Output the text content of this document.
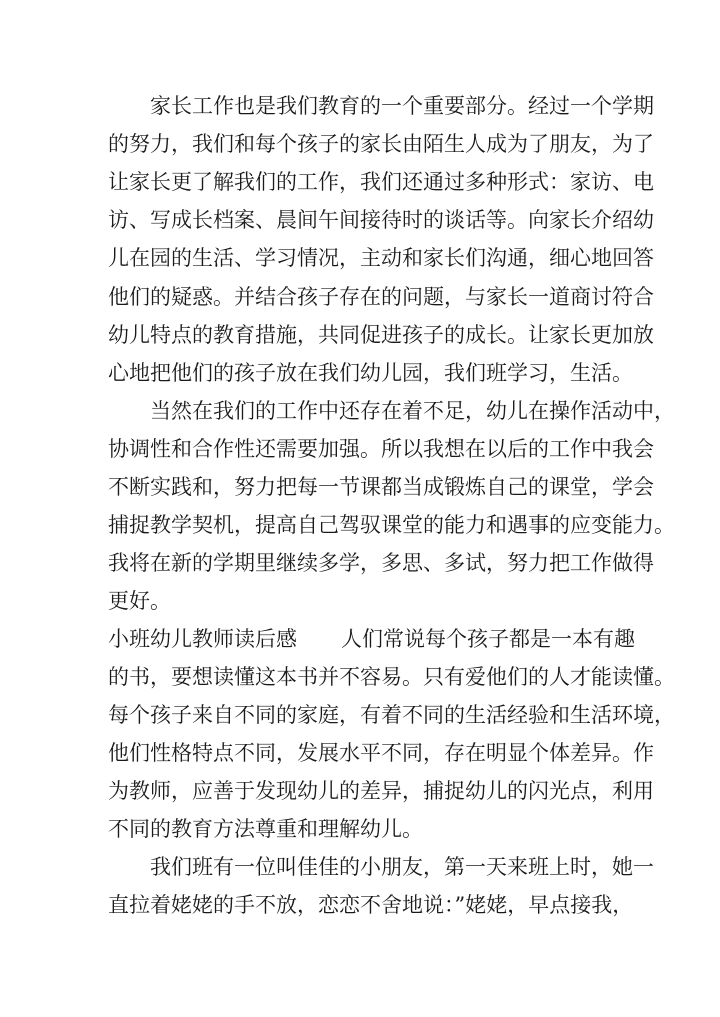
家长工作也是我们教育的一个重要部分。经过一个学期
的努力，我们和每个孩子的家长由陌生人成为了朋友，为了
让家长更了解我们的工作，我们还通过多种形式：家访、电
访、写成长档案、晨间午间接待时的谈话等。向家长介绍幼
儿在园的生活、学习情况，主动和家长们沟通，细心地回答
他们的疑惑。并结合孩子存在的问题，与家长一道商讨符合
幼儿特点的教育措施，共同促进孩子的成长。让家长更加放
心地把他们的孩子放在我们幼儿园，我们班学习，生活。
当然在我们的工作中还存在着不足，幼儿在操作活动中，
协调性和合作性还需要加强。所以我想在以后的工作中我会
不断实践和，努力把每一节课都当成锻炼自己的课堂，学会
捕捉教学契机，提高自己驾驭课堂的能力和遇事的应变能力。
我将在新的学期里继续多学，多思、多试，努力把工作做得
更好。
小班幼儿教师读后感 人们常说每个孩子都是一本有趣
的书，要想读懂这本书并不容易。只有爱他们的人才能读懂。
每个孩子来自不同的家庭，有着不同的生活经验和生活环境，
他们性格特点不同，发展水平不同，存在明显个体差异。作
为教师，应善于发现幼儿的差异，捕捉幼儿的闪光点，利用
不同的教育方法尊重和理解幼儿。
我们班有一位叫佳佳的小朋友，第一天来班上时，她一
直拉着姥姥的手不放，恋恋不舍地说：”姥姥，早点接我，
